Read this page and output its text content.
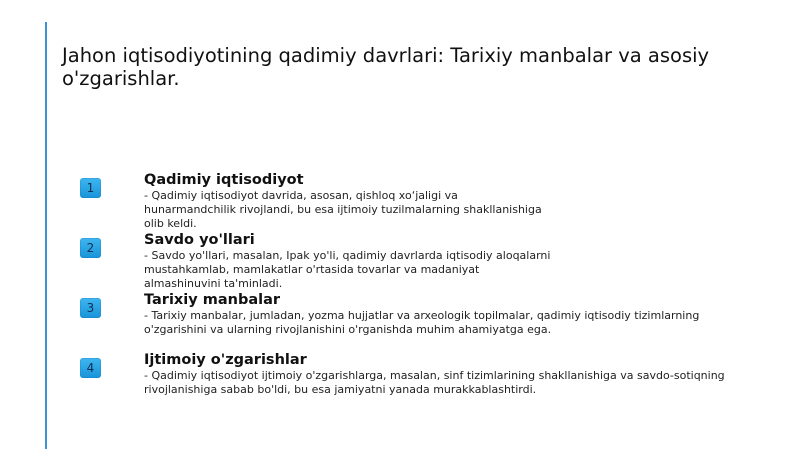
Jahon iqtisodiyotining qadimiy davrlari: Tarixiy manbalar va asosiy o'zgarishlar.
1	Qadimiy iqtisodiyot
- Qadimiy iqtisodiyot davrida, asosan, qishloq xo‘jaligi va hunarmandchilik rivojlandi, bu esa ijtimoiy tuzilmalarning shakllanishiga olib keldi.
2	Savdo yo'llari
- Savdo yo'llari, masalan, Ipak yo'li, qadimiy davrlarda iqtisodiy aloqalarni mustahkamlab, mamlakatlar o'rtasida tovarlar va madaniyat almashinuvini ta'minladi.
3	Tarixiy manbalar
- Tarixiy manbalar, jumladan, yozma hujjatlar va arxeologik topilmalar, qadimiy iqtisodiy tizimlarning o'zgarishini va ularning rivojlanishini o'rganishda muhim ahamiyatga ega.
4	Ijtimoiy o'zgarishlar
- Qadimiy iqtisodiyot ijtimoiy o'zgarishlarga, masalan, sinf tizimlarining shakllanishiga va savdo-sotiqning rivojlanishiga sabab bo'ldi, bu esa jamiyatni yanada murakkablashtirdi.
